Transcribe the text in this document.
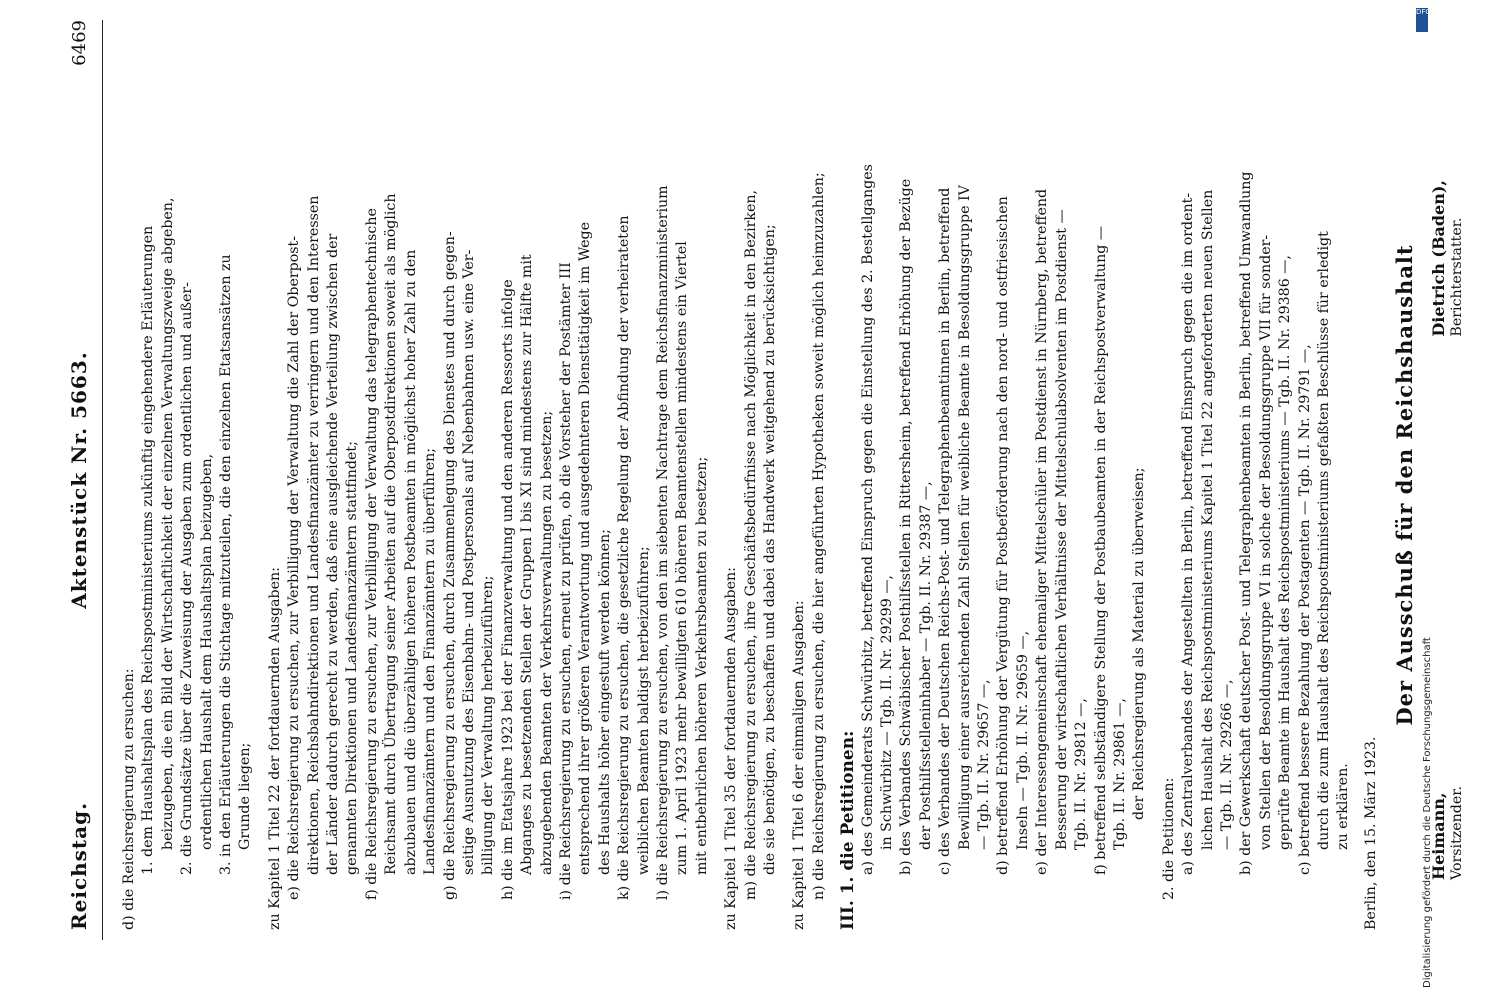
Reichstag.
Aktenstück Nr. 5663.
6469
d) die Reichsregierung zu ersuchen: 1. dem Haushaltsplan des Reichspostministeriums zukünftig eingehendere Erläuterungen beizugeben, die ein Bild der Wirtschaftlichkeit der einzelnen Verwaltungszweige abgeben, 2. die Grundsätze über die Zuweisung der Ausgaben zum ordentlichen und außer- ordentlichen Haushalt dem Haushaltsplan beizugeben, 3. in den Erläuterungen die Stichtage mitzuteilen, die den einzelnen Etatsansätzen zu Grunde liegen; zu Kapitel 1 Titel 22 der fortdauernden Ausgaben: e) die Reichsregierung zu ersuchen, zur Verbilligung der Verwaltung die Zahl der Oberpost- direktionen, Reichsbahndirektionen und Landesfinanzämter zu verringern und den Interessen der Länder dadurch gerecht zu werden, daß eine ausgleichende Verteilung zwischen der genannten Direktionen und Landesfinanzämtern stattfindet; f) die Reichsregierung zu ersuchen, zur Verbilligung der Verwaltung das telegraphentechnische Reichsamt durch Übertragung seiner Arbeiten auf die Oberpostdirektionen soweit als möglich abzubauen und die überzähligen höheren Postbeamten in möglichst hoher Zahl zu den Landesfinanzämtern und den Finanzämtern zu überführen; g) die Reichsregierung zu ersuchen, durch Zusammenlegung des Dienstes und durch gegen- seitige Ausnutzung des Eisenbahn- und Postpersonals auf Nebenbahnen usw. eine Ver- billigung der Verwaltung herbeizuführen; h) die im Etatsjahre 1923 bei der Finanzverwaltung und den anderen Ressorts infolge Abganges zu besetzenden Stellen der Gruppen I bis XI sind mindestens zur Hälfte mit abzugebenden Beamten der Verkehrsverwaltungen zu besetzen; i) die Reichsregierung zu ersuchen, erneut zu prüfen, ob die Vorsteher der Postämter III entsprechend ihrer größeren Verantwortung und ausgedehnteren Diensttätigkeit im Wege des Haushalts höher eingestuft werden können; k) die Reichsregierung zu ersuchen, die gesetzliche Regelung der Abfindung der verheirateten weiblichen Beamten baldigst herbeizuführen; l) die Reichsregierung zu ersuchen, von den im siebenten Nachtrage dem Reichsfinanzministerium zum 1. April 1923 mehr bewilligten 610 höheren Beamtenstellen mindestens ein Viertel mit entbehrlichen höheren Verkehrsbeamten zu besetzen; zu Kapitel 1 Titel 35 der fortdauernden Ausgaben: m) die Reichsregierung zu ersuchen, ihre Geschäftsbedürfnisse nach Möglichkeit in den Bezirken, die sie benötigen, zu beschaffen und dabei das Handwerk weitgehend zu berücksichtigen; zu Kapitel 1 Titel 6 der einmaligen Ausgaben: n) die Reichsregierung zu ersuchen, die hier angeführten Hypotheken soweit möglich heimzuzahlen; III. 1. die Petitionen: a) des Gemeinderats Schwürbitz, betreffend Einspruch gegen die Einstellung des 2. Bestellganges in Schwürbitz — Tgb. II. Nr. 29299 —, b) des Verbandes Schwäbischer Posthilfsstellen in Rittersheim, betreffend Erhöhung der Bezüge der Posthilfsstelleninhaber — Tgb. II. Nr. 29387 —, c) des Verbandes der Deutschen Reichs-Post- und Telegraphenbeamtinnen in Berlin, betreffend Bewilligung einer ausreichenden Zahl Stellen für weibliche Beamte in Besoldungsgruppe IV — Tgb. II. Nr. 29657 —, d) betreffend Erhöhung der Vergütung für Postbeförderung nach den nord- und ostfriesischen Inseln — Tgb. II. Nr. 29659 —, e) der Interessengemeinschaft ehemaliger Mittelschüler im Postdienst in Nürnberg, betreffend Besserung der wirtschaftlichen Verhältnisse der Mittelschulabsolventen im Postdienst — Tgb. II. Nr. 29812 —, f) betreffend selbständigere Stellung der Postbaubeamten in der Reichspostverwaltung — Tgb. II. Nr. 29861 —, der Reichsregierung als Material zu überweisen;
2. die Petitionen: a) des Zentralverbandes der Angestellten in Berlin, betreffend Einspruch gegen die im ordent- lichen Haushalt des Reichspostministeriums Kapitel 1 Titel 22 angeforderten neuen Stellen — Tgb. II. Nr. 29266 —, b) der Gewerkschaft deutscher Post- und Telegraphenbeamten in Berlin, betreffend Umwandlung von Stellen der Besoldungsgruppe VI in solche der Besoldungsgruppe VII für sonder- geprüfte Beamte im Haushalt des Reichspostministeriums — Tgb. II. Nr. 29386 —, c) betreffend bessere Bezahlung der Postagenten — Tgb. II. Nr. 29791 —, durch die zum Haushalt des Reichspostministeriums gefaßten Beschlüsse für erledigt zu erklären. Berlin, den 15. März 1923.
Der Ausschuß für den Reichshaushalt
Heimann, Vorsitzender.
Dietrich (Baden), Berichterstatter.
DFG
Digitalisierung gefördert durch die Deutsche Forschungsgemeinschaft
